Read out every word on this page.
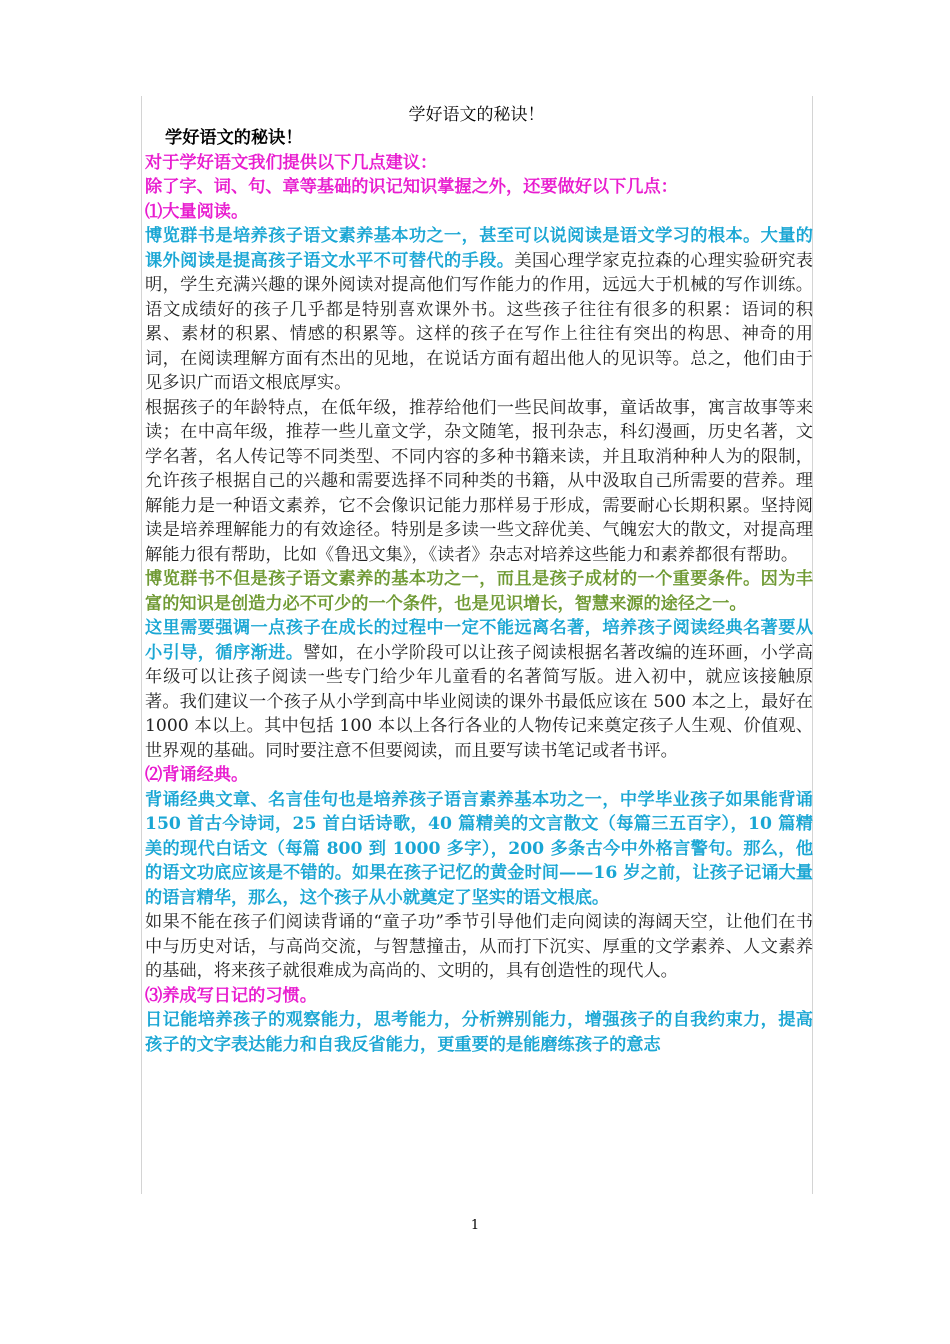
学好语文的秘诀！

学好语文的秘诀！

对于学好语文我们提供以下几点建议：

除了字、词、句、章等基础的识记知识掌握之外，还要做好以下几点：

⑴大量阅读。

博览群书是培养孩子语文素养基本功之一，甚至可以说阅读是语文学习的根本。大量的课外阅读是提高孩子语文水平不可替代的手段。美国心理学家克拉森的心理实验研究表明，学生充满兴趣的课外阅读对提高他们写作能力的作用，远远大于机械的写作训练。语文成绩好的孩子几乎都是特别喜欢课外书。这些孩子往往有很多的积累：语词的积累、素材的积累、情感的积累等。这样的孩子在写作上往往有突出的构思、神奇的用词，在阅读理解方面有杰出的见地，在说话方面有超出他人的见识等。总之，他们由于见多识广而语文根底厚实。

根据孩子的年龄特点，在低年级，推荐给他们一些民间故事，童话故事，寓言故事等来读；在中高年级，推荐一些儿童文学，杂文随笔，报刊杂志，科幻漫画，历史名著，文学名著，名人传记等不同类型、不同内容的多种书籍来读，并且取消种种人为的限制，允许孩子根据自己的兴趣和需要选择不同种类的书籍，从中汲取自己所需要的营养。理解能力是一种语文素养，它不会像识记能力那样易于形成，需要耐心长期积累。坚持阅读是培养理解能力的有效途径。特别是多读一些文辞优美、气魄宏大的散文，对提高理解能力很有帮助，比如《鲁迅文集》，《读者》杂志对培养这些能力和素养都很有帮助。

博览群书不但是孩子语文素养的基本功之一，而且是孩子成材的一个重要条件。因为丰富的知识是创造力必不可少的一个条件，也是见识增长，智慧来源的途径之一。

这里需要强调一点孩子在成长的过程中一定不能远离名著，培养孩子阅读经典名著要从小引导，循序渐进。譬如，在小学阶段可以让孩子阅读根据名著改编的连环画，小学高年级可以让孩子阅读一些专门给少年儿童看的名著简写版。进入初中，就应该接触原著。我们建议一个孩子从小学到高中毕业阅读的课外书最低应该在 500 本之上，最好在 1000 本以上。其中包括 100 本以上各行各业的人物传记来奠定孩子人生观、价值观、世界观的基础。同时要注意不但要阅读，而且要写读书笔记或者书评。

⑵背诵经典。

背诵经典文章、名言佳句也是培养孩子语言素养基本功之一，中学毕业孩子如果能背诵 150 首古今诗词，25 首白话诗歌，40 篇精美的文言散文（每篇三五百字），10 篇精美的现代白话文（每篇 800 到 1000 多字），200 多条古今中外格言警句。那么，他的语文功底应该是不错的。如果在孩子记忆的黄金时间——16 岁之前，让孩子记诵大量的语言精华，那么，这个孩子从小就奠定了坚实的语文根底。

如果不能在孩子们阅读背诵的“童子功”季节引导他们走向阅读的海阔天空，让他们在书中与历史对话，与高尚交流，与智慧撞击，从而打下沉实、厚重的文学素养、人文素养的基础，将来孩子就很难成为高尚的、文明的，具有创造性的现代人。

⑶养成写日记的习惯。

日记能培养孩子的观察能力，思考能力，分析辨别能力，增强孩子的自我约束力，提高孩子的文字表达能力和自我反省能力，更重要的是能磨练孩子的意志

1
